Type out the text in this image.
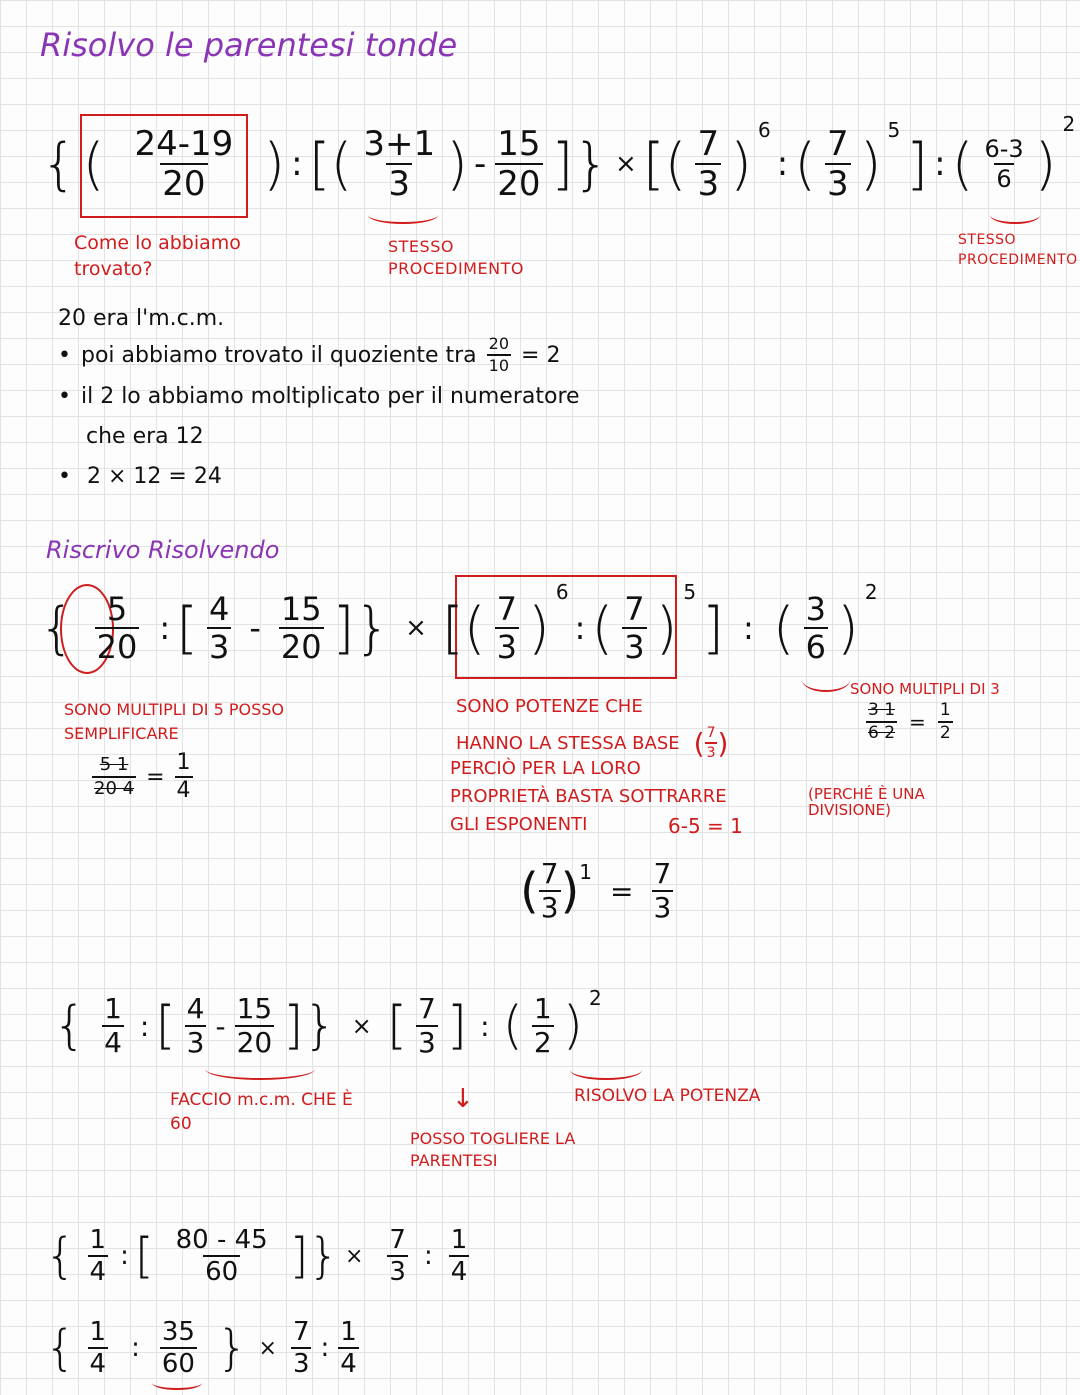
Risolvo le parentesi tonde
{ ( $\frac{24-19}{20}$ ) : [( $\frac{3+1}{3}$ ) - $\frac{15}{20}$ ]} × [( $\frac{7}{3}$ )
6
: ( $\frac{7}{3}$ )
5
] : ( $\frac{6-3}{6}$ )
2
Come lo abbiamo trovato?
STESSO PROCEDIMENTO
STESSO PROCEDIMENTO
20 era l'm.c.m.
• poi abbiamo trovato il quoziente tra $\frac{20}{10} = 2$
• il 2 lo abbiamo moltiplicato per il numeratore
che era 12
• 2 × 12 = 24
Riscrivo Risolvendo
{ $\frac{5}{20}$ : [ $\frac{4}{3} - \frac{15}{20}$ ]} × [( $\frac{7}{3}$ )
6
: ( $\frac{7}{3}$ )
5
] : ( $\frac{3}{6}$ )
2
SONO MULTIPLI DI 5 POSSO SEMPLIFICARE
$\frac{5 1}{20 4} = \frac{1}{4}$
SONO POTENZE CHE
HANNO LA STESSA BASE ( $\frac{7}{3}$ )
PERCIÒ PER LA LORO
PROPRIETÀ BASTA SOTTRARRE	(PERCHÉ È UNA DIVISIONE)
GLI ESPONENTI	6-5 = 1
SONO MULTIPLI DI 3
$\frac{3 1}{6 2} = \frac{1}{2}$
( $\frac{7}{3}$ ) 1
= $\frac{7}{3}$
{ $\frac{1}{4}$ : [ $\frac{4}{3} - \frac{15}{20}$ ]} × [ $\frac{7}{3}$ ] : ( $\frac{1}{2}$ ) 2
↓
FACCIO m.c.m. CHE È 60
RISOLVO LA POTENZA
POSSO TOGLIERE LA PARENTESI
{ $\frac{1}{4}$ : [ $\frac{80 - 45}{60}$ ]} × $\frac{7}{3}$ : $\frac{1}{4}$
{ $\frac{1}{4}$ : $\frac{35}{60}$ } × $\frac{7}{3}$ : $\frac{1}{4}$
